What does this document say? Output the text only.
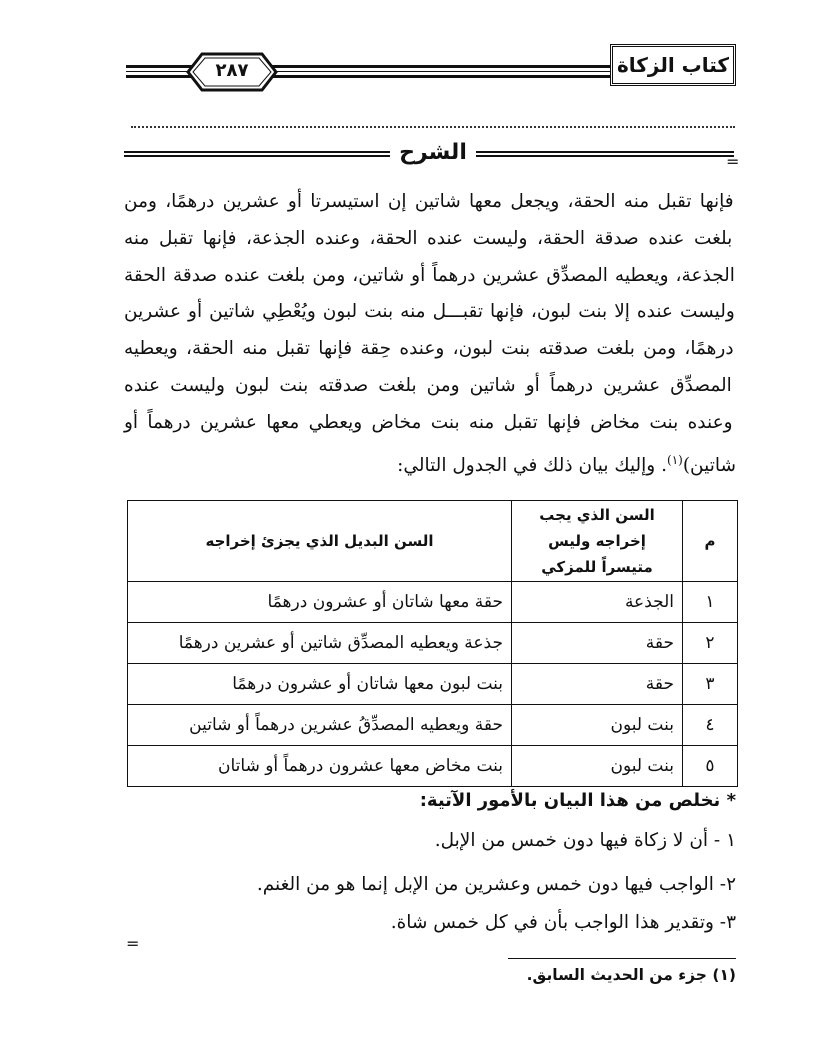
٢٨٧	كتاب الزكاة
الشرح	=
فإنها تقبل منه الحقة، ويجعل معها شاتين إن استيسرتا أو عشرين درهمًا، ومن بلغت عنده صدقة الحقة، وليست عنده الحقة، وعنده الجذعة، فإنها تقبل منه الجذعة، ويعطيه المصدِّق عشرين درهماً أو شاتين، ومن بلغت عنده صدقة الحقة وليست عنده إلا بنت لبون، فإنها تقبـــل منه بنت لبون ويُعْطِي شاتين أو عشرين درهمًا، ومن بلغت صدقته بنت لبون، وعنده حِقة فإنها تقبل منه الحقة، ويعطيه المصدِّق عشرين درهماً أو شاتين ومن بلغت صدقته بنت لبون وليست عنده وعنده بنت مخاض فإنها تقبل منه بنت مخاض ويعطي معها عشرين درهماً أو شاتين)$^{(١)}$. وإليك بيان ذلك في الجدول التالي:
م	السن الذي يجب إخراجه وليس متيسراً للمزكي	السن البديل الذي يجزئ إخراجه
١	الجذعة	حقة معها شاتان أو عشرون درهمًا
٢	حقة	جذعة ويعطيه المصدِّق شاتين أو عشرين درهمًا
٣	حقة	بنت لبون معها شاتان أو عشرون درهمًا
٤	بنت لبون	حقة ويعطيه المصدِّقُ عشرين درهماً أو شاتين
٥	بنت لبون	بنت مخاض معها عشرون درهماً أو شاتان
* نخلص من هذا البيان بالأمور الآتية:
١ - أن لا زكاة فيها دون خمس من الإبل.
٢- الواجب فيها دون خمس وعشرين من الإبل إنما هو من الغنم.
٣- وتقدير هذا الواجب بأن في كل خمس شاة.
=
(١) جزء من الحديث السابق.
